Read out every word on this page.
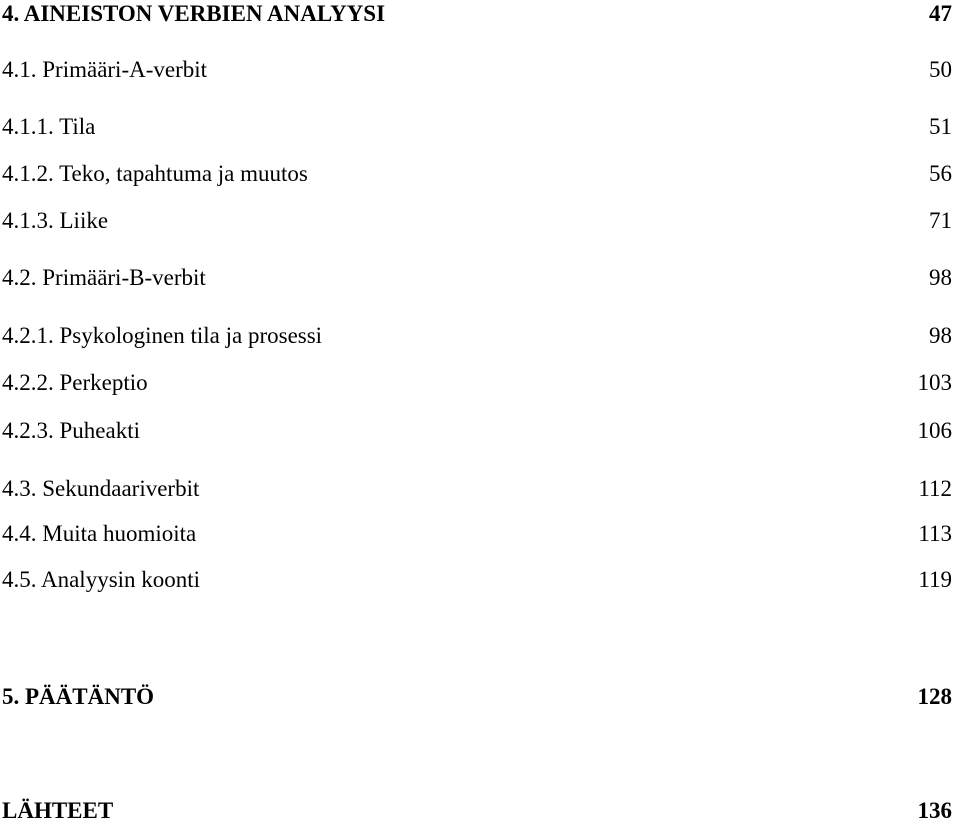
4. AINEISTON VERBIEN ANALYYSI	47
4.1. Primääri-A-verbit	50
4.1.1. Tila	51
4.1.2. Teko, tapahtuma ja muutos	56
4.1.3. Liike	71
4.2. Primääri-B-verbit	98
4.2.1. Psykologinen tila ja prosessi	98
4.2.2. Perkeptio	103
4.2.3. Puheakti	106
4.3. Sekundaariverbit	112
4.4. Muita huomioita	113
4.5. Analyysin koonti	119
5. PÄÄTÄNTÖ	128
LÄHTEET	136
